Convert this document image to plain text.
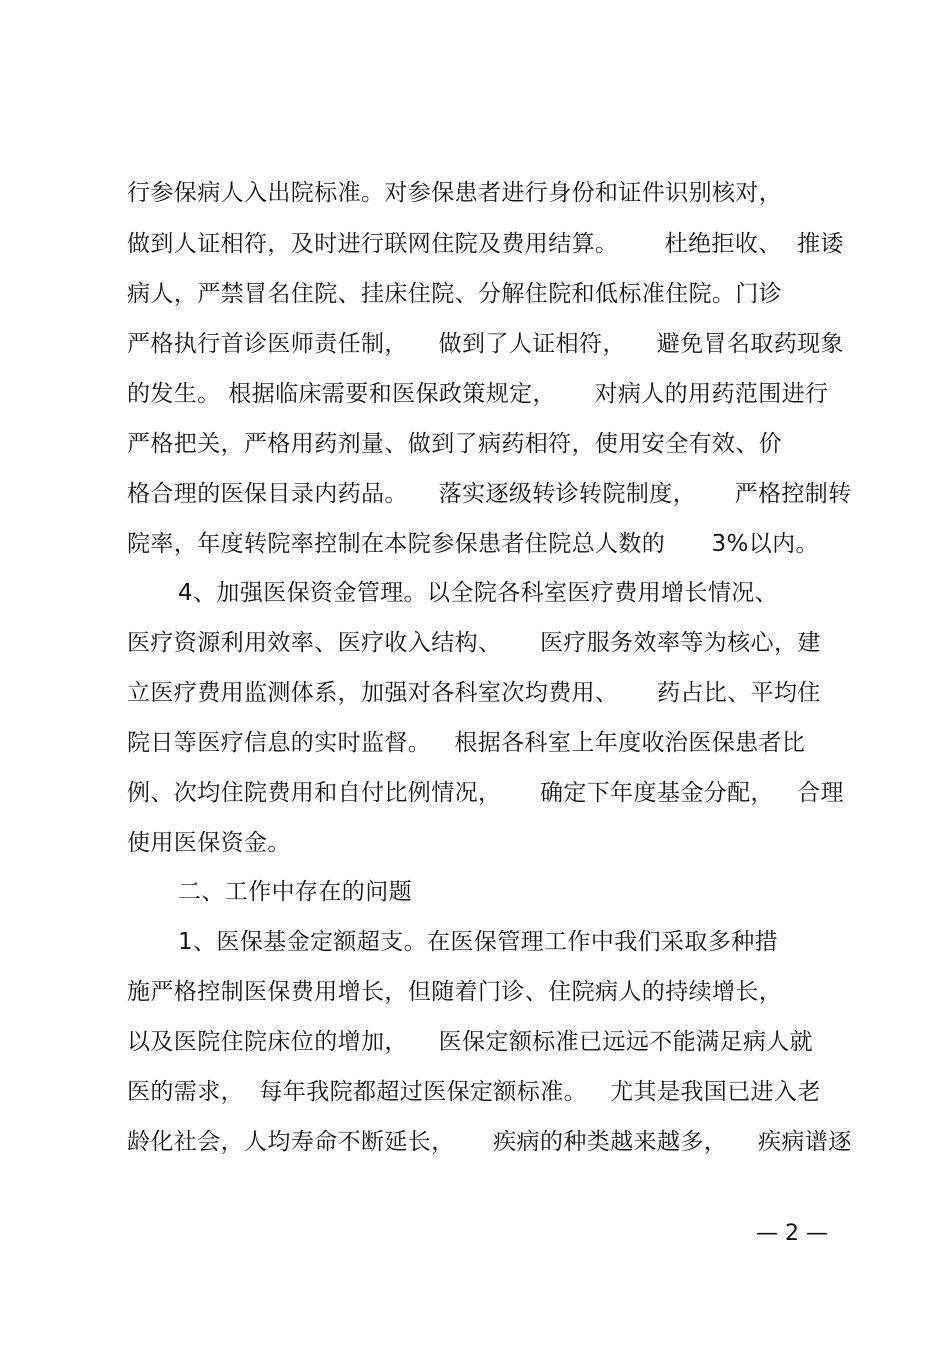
行参保病人入出院标准。对参保患者进行身份和证件识别核对，
做到人证相符，及时进行联网住院及费用结算。      杜绝拒收、  推诿
病人，严禁冒名住院、挂床住院、分解住院和低标准住院。门诊
严格执行首诊医师责任制，    做到了人证相符，    避免冒名取药现象
的发生。 根据临床需要和医保政策规定，     对病人的用药范围进行
严格把关，严格用药剂量、做到了病药相符，使用安全有效、价
格合理的医保目录内药品。    落实逐级转诊转院制度，     严格控制转
院率，年度转院率控制在本院参保患者住院总人数的      3%以内。
4、加强医保资金管理。以全院各科室医疗费用增长情况、
医疗资源利用效率、医疗收入结构、     医疗服务效率等为核心，建
立医疗费用监测体系，加强对各科室次均费用、     药占比、平均住
院日等医疗信息的实时监督。   根据各科室上年度收治医保患者比
例、次均住院费用和自付比例情况，     确定下年度基金分配，   合理
使用医保资金。
二、工作中存在的问题
1、医保基金定额超支。在医保管理工作中我们采取多种措
施严格控制医保费用增长，但随着门诊、住院病人的持续增长，
以及医院住院床位的增加，    医保定额标准已远远不能满足病人就
医的需求，  每年我院都超过医保定额标准。   尤其是我国已进入老
龄化社会，人均寿命不断延长，     疾病的种类越来越多，    疾病谱逐
— 2 —
